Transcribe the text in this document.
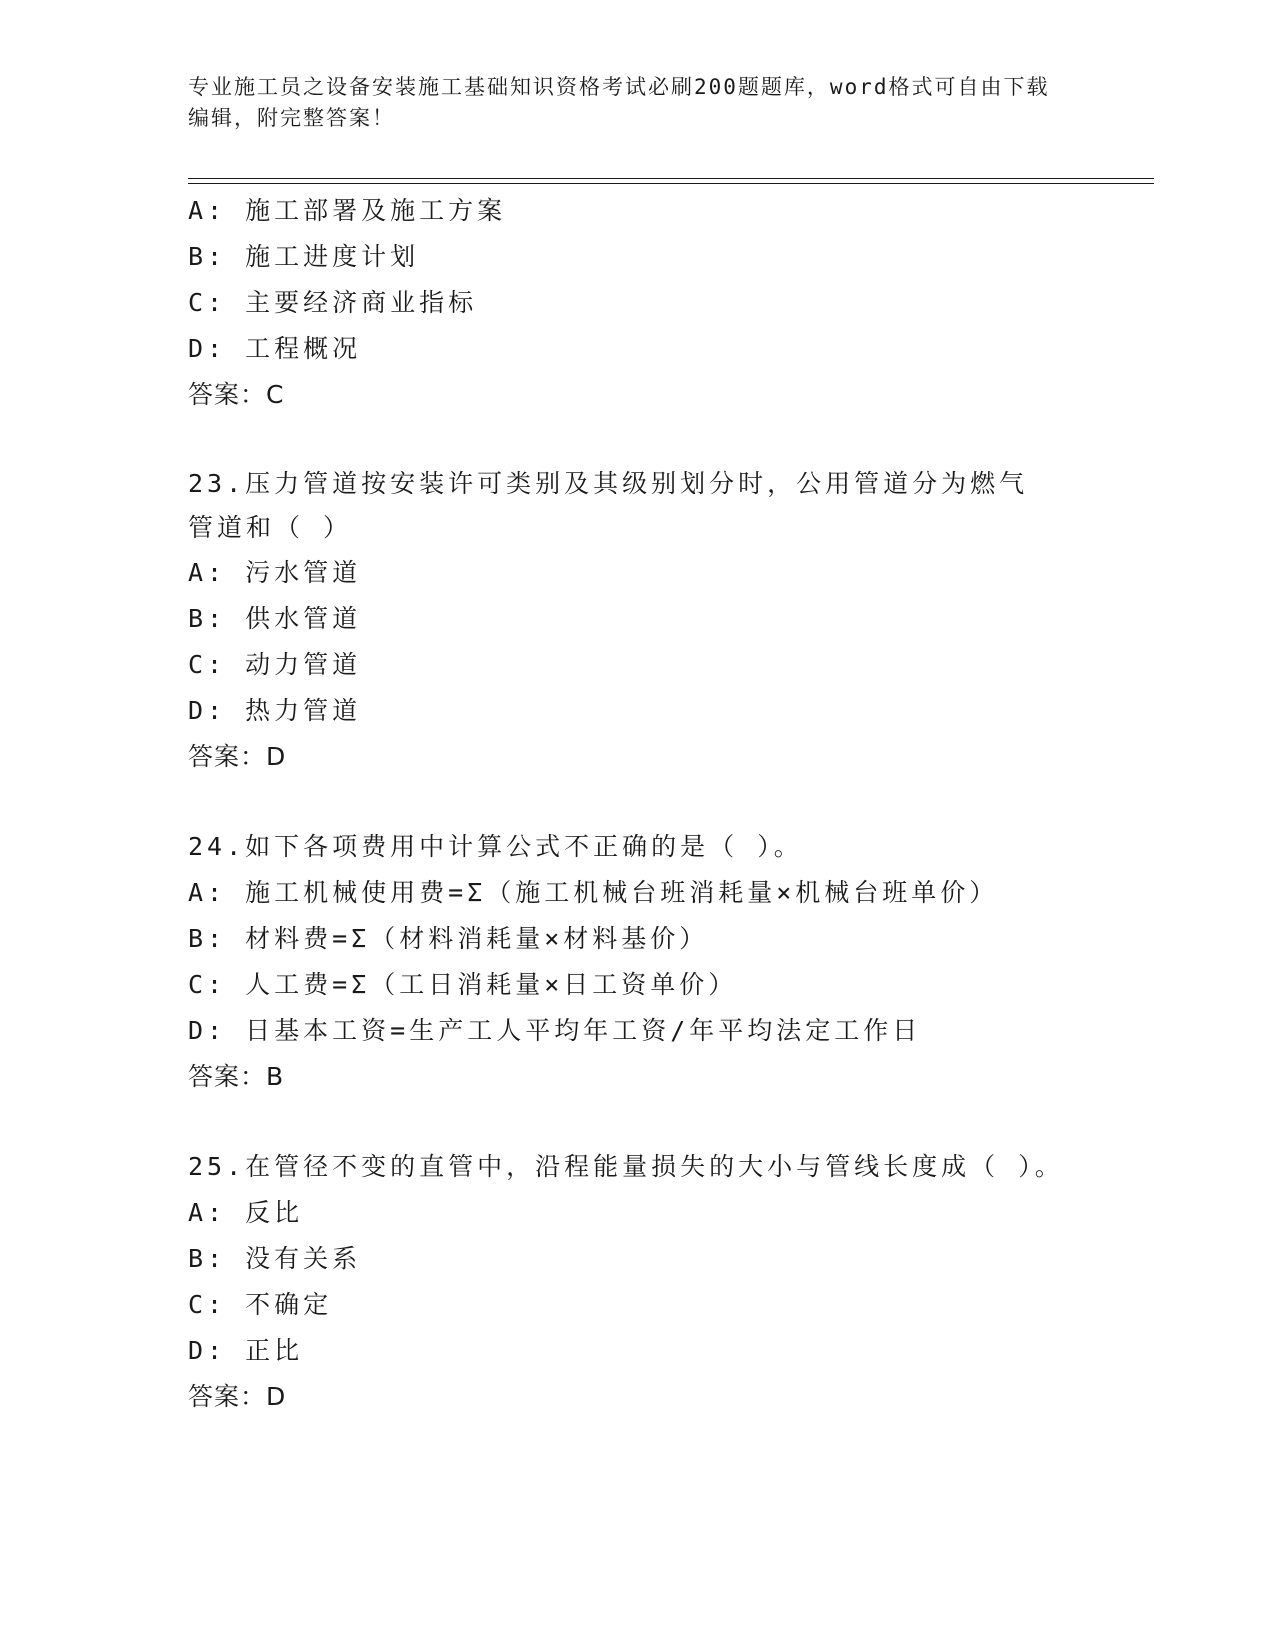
专业施工员之设备安装施工基础知识资格考试必刷200题题库，word格式可自由下载编辑，附完整答案！
A: 施工部署及施工方案
B: 施工进度计划
C: 主要经济商业指标
D: 工程概况
答案：C
23.压力管道按安装许可类别及其级别划分时，公用管道分为燃气管道和（ ）
A: 污水管道
B: 供水管道
C: 动力管道
D: 热力管道
答案：D
24.如下各项费用中计算公式不正确的是（ ）。
A: 施工机械使用费=Σ（施工机械台班消耗量×机械台班单价）
B: 材料费=Σ（材料消耗量×材料基价）
C: 人工费=Σ（工日消耗量×日工资单价）
D: 日基本工资=生产工人平均年工资/年平均法定工作日
答案：B
25.在管径不变的直管中，沿程能量损失的大小与管线长度成（ ）。
A: 反比
B: 没有关系
C: 不确定
D: 正比
答案：D
